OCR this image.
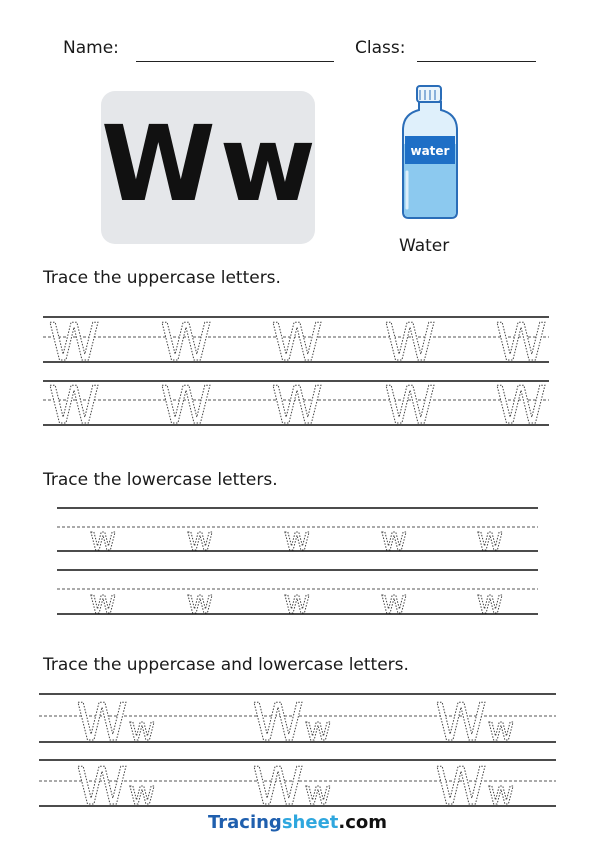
Name:	Class:
Ww	water
Water
Trace the uppercase letters.
Trace the lowercase letters.
Trace the uppercase and lowercase letters.
W W W W W
W W W W W
w w w w w
w w w w w
W w W w W w
W w W w W w
Tracingsheet.com
